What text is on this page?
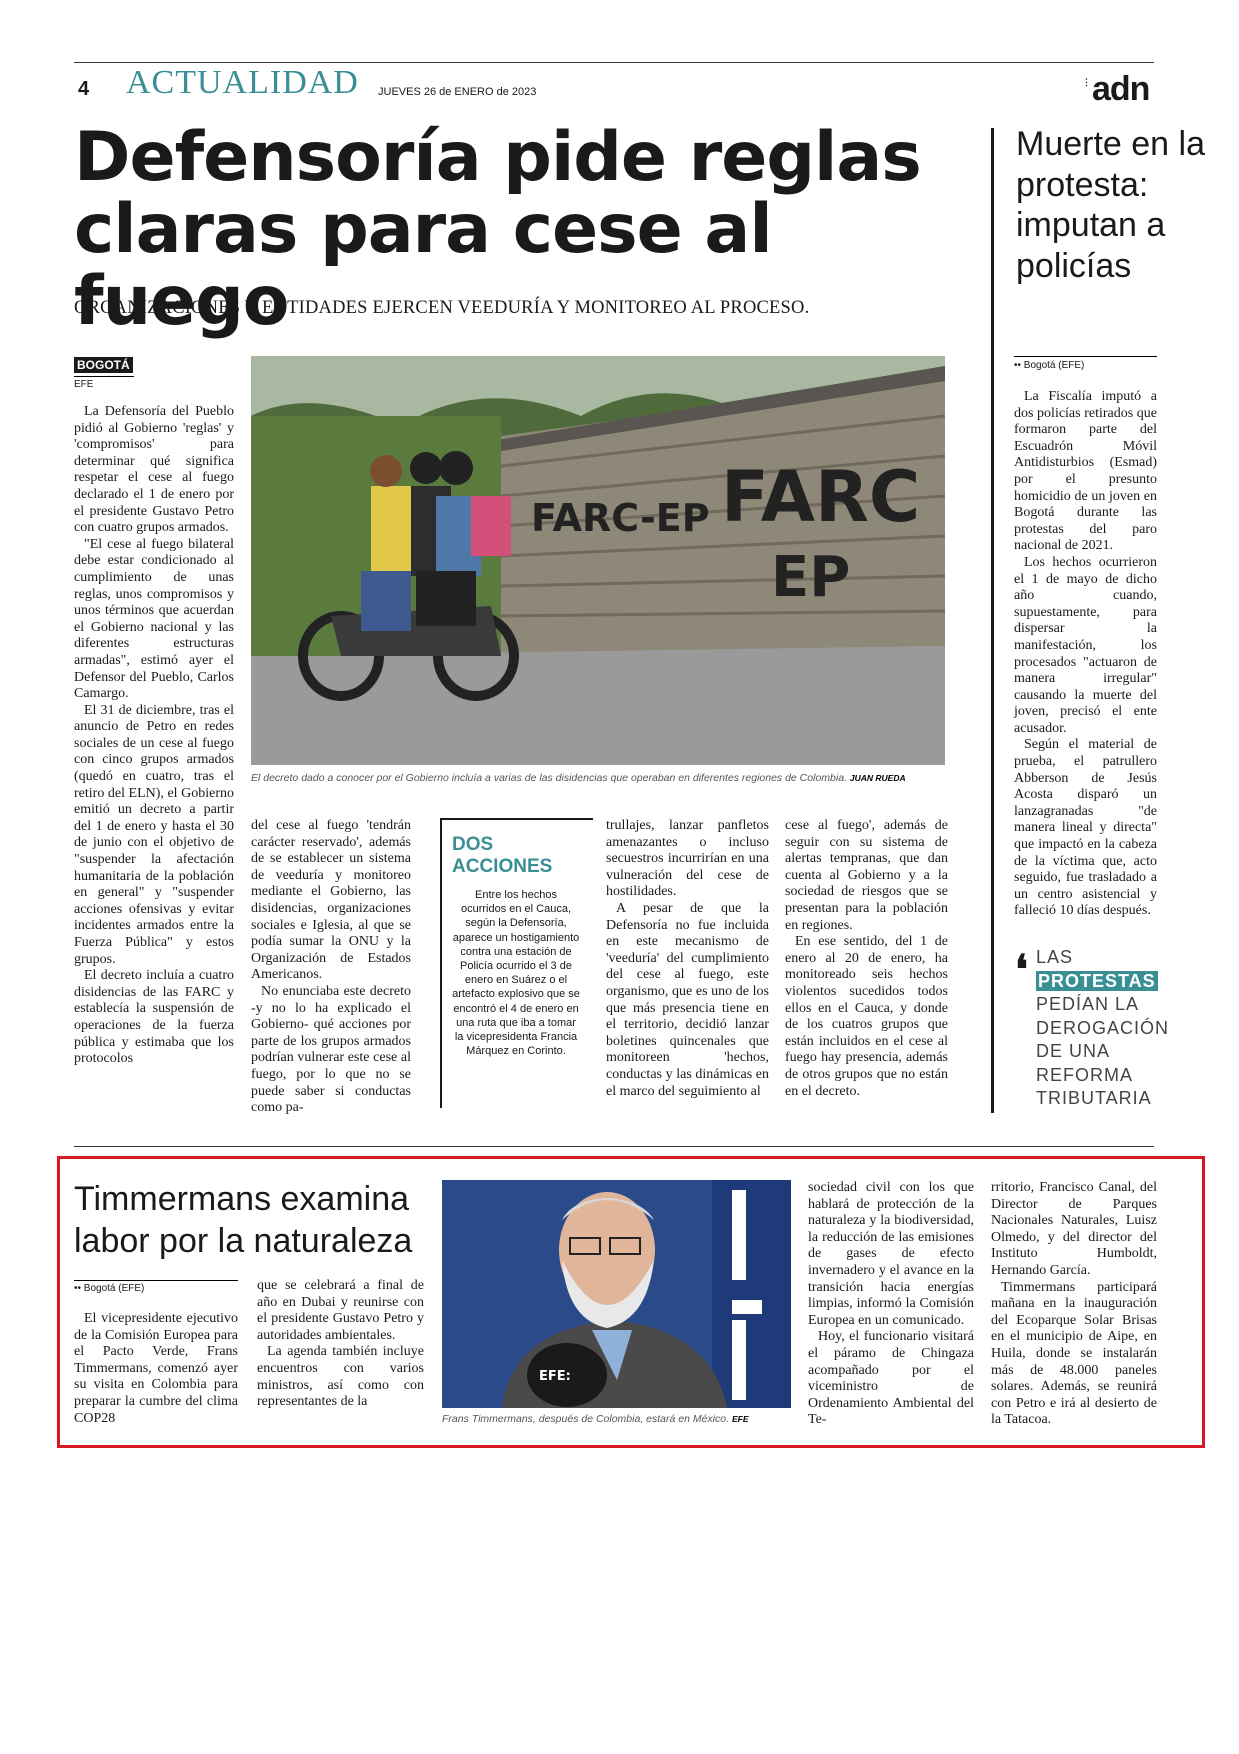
4 ACTUALIDAD JUEVES 26 de ENERO de 2023
⋮ adn
Defensoría pide reglas claras para cese al fuego
ORGANIZACIONES Y ENTIDADES EJERCEN VEEDURÍA Y MONITOREO AL PROCESO.
BOGOTÁ
EFE

La Defensoría del Pueblo pidió al Gobierno 'reglas' y 'compromisos' para determinar qué significa respetar el cese al fuego declarado el 1 de enero por el presidente Gustavo Petro con cuatro grupos armados.

"El cese al fuego bilateral debe estar condicionado al cumplimiento de unas reglas, unos compromisos y unos términos que acuerdan el Gobierno nacional y las diferentes estructuras armadas", estimó ayer el Defensor del Pueblo, Carlos Camargo.

El 31 de diciembre, tras el anuncio de Petro en redes sociales de un cese al fuego con cinco grupos armados (quedó en cuatro, tras el retiro del ELN), el Gobierno emitió un decreto a partir del 1 de enero y hasta el 30 de junio con el objetivo de "suspender la afectación humanitaria de la población en general" y "suspender acciones ofensivas y evitar incidentes armados entre la Fuerza Pública" y estos grupos.

El decreto incluía a cuatro disidencias de las FARC y establecía la suspensión de operaciones de la fuerza pública y estimaba que los protocolos

FARC-EP FARC
EP
El decreto dado a conocer por el Gobierno incluía a varias de las disidencias que operaban en diferentes regiones de Colombia. JUAN RUEDA

del cese al fuego 'tendrán carácter reservado', además de se establecer un sistema de veeduría y monitoreo mediante el Gobierno, las disidencias, organizaciones sociales e Iglesia, al que se podía sumar la ONU y la Organización de Estados Americanos.

No enunciaba este decreto -y no lo ha explicado el Gobierno- qué acciones por parte de los grupos armados podrían vulnerar este cese al fuego, por lo que no se puede saber si conductas como pa-

DOS
ACCIONES
Entre los hechos ocurridos en el Cauca, según la Defensoría, aparece un hostigamiento contra una estación de Policía ocurrido el 3 de enero en Suárez o el artefacto explosivo que se encontró el 4 de enero en una ruta que iba a tomar la vicepresidenta Francia Márquez en Corinto.

trullajes, lanzar panfletos amenazantes o incluso secuestros incurrirían en una vulneración del cese de hostilidades.

A pesar de que la Defensoría no fue incluida en este mecanismo de 'veeduría' del cumplimiento del cese al fuego, este organismo, que es uno de los que más presencia tiene en el territorio, decidió lanzar boletines quincenales que monitoreen 'hechos, conductas y las dinámicas en el marco del seguimiento al

cese al fuego', además de seguir con su sistema de alertas tempranas, que dan cuenta al Gobierno y a la sociedad de riesgos que se presentan para la población en regiones.

En ese sentido, del 1 de enero al 20 de enero, ha monitoreado seis hechos violentos sucedidos todos ellos en el Cauca, y donde de los cuatros grupos que están incluidos en el cese al fuego hay presencia, además de otros grupos que no están en el decreto.

Muerte en la protesta: imputan a policías
•• Bogotá (EFE)

La Fiscalía imputó a dos policías retirados que formaron parte del Escuadrón Móvil Antidisturbios (Esmad) por el presunto homicidio de un joven en Bogotá durante las protestas del paro nacional de 2021.

Los hechos ocurrieron el 1 de mayo de dicho año cuando, supuestamente, para dispersar la manifestación, los procesados "actuaron de manera irregular" causando la muerte del joven, precisó el ente acusador.

Según el material de prueba, el patrullero Abberson de Jesús Acosta disparó un lanzagranadas "de manera lineal y directa" que impactó en la cabeza de la víctima que, acto seguido, fue trasladado a un centro asistencial y falleció 10 días después.

❛ LAS
PROTESTAS
PEDÍAN LA DEROGACIÓN DE UNA REFORMA TRIBUTARIA
Timmermans examina labor por la naturaleza
•• Bogotá (EFE)

El vicepresidente ejecutivo de la Comisión Europea para el Pacto Verde, Frans Timmermans, comenzó ayer su visita en Colombia para preparar la cumbre del clima COP28

que se celebrará a final de año en Dubai y reunirse con el presidente Gustavo Petro y autoridades ambientales.

La agenda también incluye encuentros con varios ministros, así como con representantes de la

EFE:
Frans Timmermans, después de Colombia, estará en México. EFE

sociedad civil con los que hablará de protección de la naturaleza y la biodiversidad, la reducción de las emisiones de gases de efecto invernadero y el avance en la transición hacia energías limpias, informó la Comisión Europea en un comunicado.

Hoy, el funcionario visitará el páramo de Chingaza acompañado por el viceministro de Ordenamiento Ambiental del Te-

rritorio, Francisco Canal, del Director de Parques Nacionales Naturales, Luisz Olmedo, y del director del Instituto Humboldt, Hernando García.

Timmermans participará mañana en la inauguración del Ecoparque Solar Brisas en el municipio de Aipe, en Huila, donde se instalarán más de 48.000 paneles solares. Además, se reunirá con Petro e irá al desierto de la Tatacoa.
